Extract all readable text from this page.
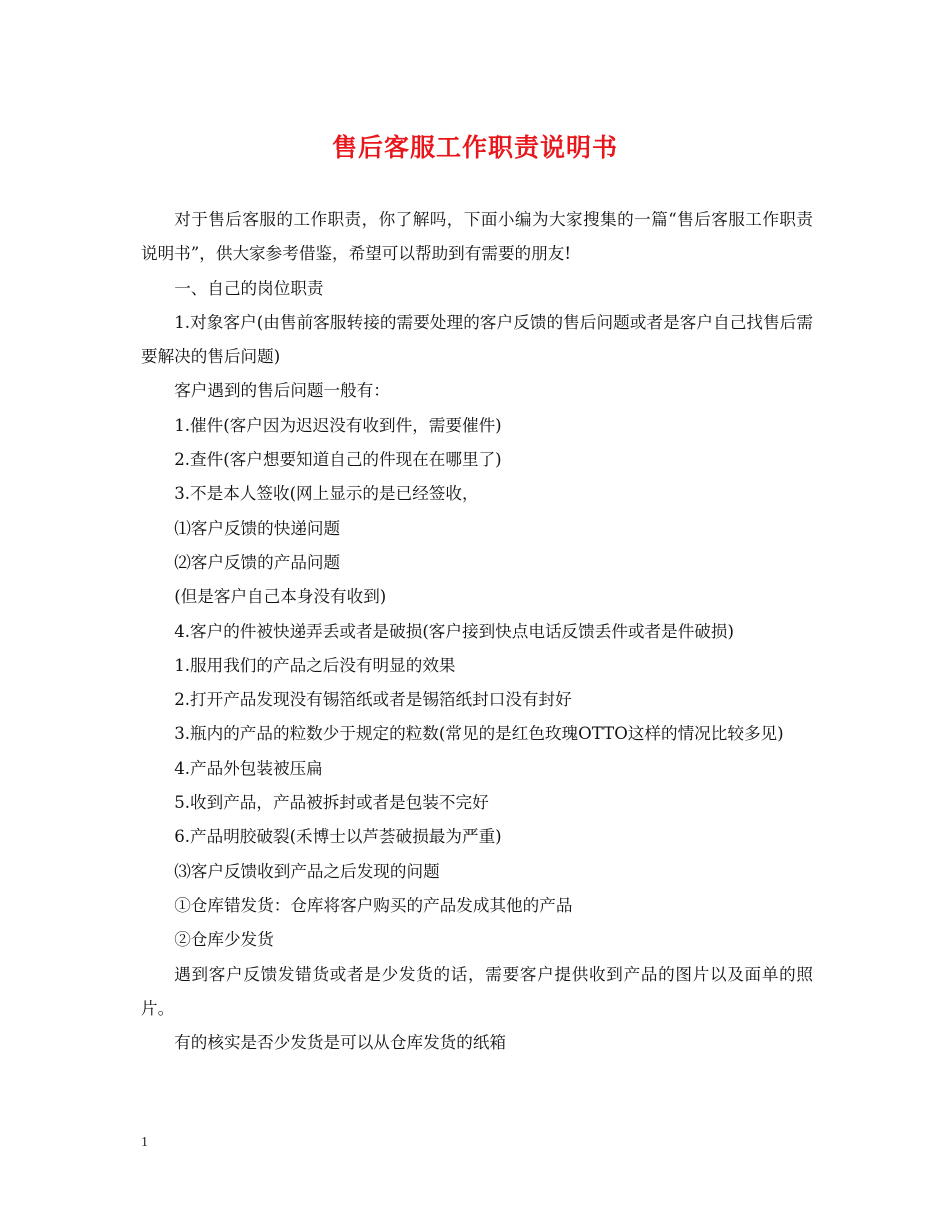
售后客服工作职责说明书

对于售后客服的工作职责，你了解吗，下面小编为大家搜集的一篇“售后客服工作职责说明书”，供大家参考借鉴，希望可以帮助到有需要的朋友!

一、自己的岗位职责

1.对象客户(由售前客服转接的需要处理的客户反馈的售后问题或者是客户自己找售后需要解决的售后问题)

客户遇到的售后问题一般有：

1.催件(客户因为迟迟没有收到件，需要催件)

2.查件(客户想要知道自己的件现在在哪里了)

3.不是本人签收(网上显示的是已经签收，

⑴客户反馈的快递问题

⑵客户反馈的产品问题

(但是客户自己本身没有收到)

4.客户的件被快递弄丢或者是破损(客户接到快点电话反馈丢件或者是件破损)

1.服用我们的产品之后没有明显的效果

2.打开产品发现没有锡箔纸或者是锡箔纸封口没有封好

3.瓶内的产品的粒数少于规定的粒数(常见的是红色玫瑰OTTO这样的情况比较多见)

4.产品外包装被压扁

5.收到产品，产品被拆封或者是包装不完好

6.产品明胶破裂(禾博士以芦荟破损最为严重)

⑶客户反馈收到产品之后发现的问题

①仓库错发货：仓库将客户购买的产品发成其他的产品

②仓库少发货

遇到客户反馈发错货或者是少发货的话，需要客户提供收到产品的图片以及面单的照片。

有的核实是否少发货是可以从仓库发货的纸箱

1
